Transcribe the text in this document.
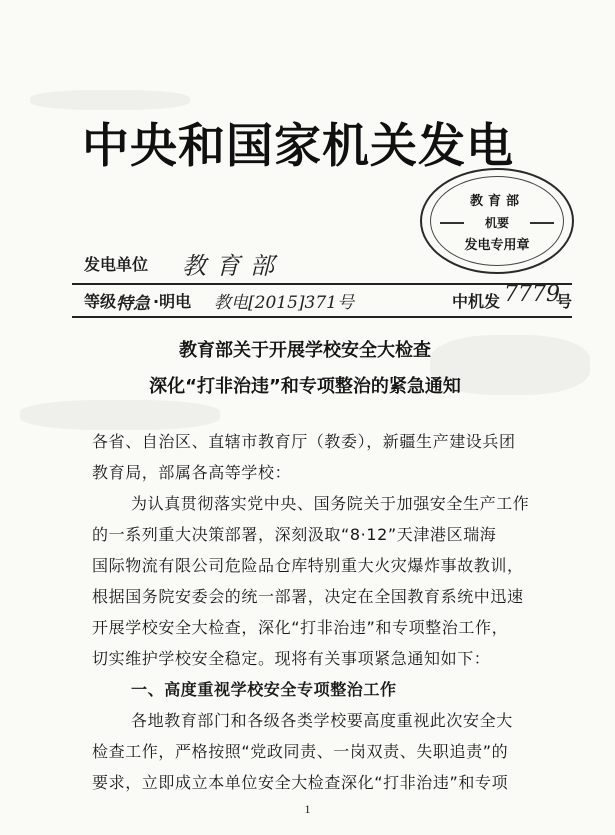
中央和国家机关发电
教育部
机要
发电专用章
发电单位 教育部
等级 特急 ·明电 教电[2015]371号	中机发 7779
号
教育部关于开展学校安全大检查
深化“打非治违”和专项整治的紧急通知
各省、自治区、直辖市教育厅（教委），新疆生产建设兵团
教育局，部属各高等学校：
为认真贯彻落实党中央、国务院关于加强安全生产工作
的一系列重大决策部署，深刻汲取“8·12”天津港区瑞海
国际物流有限公司危险品仓库特别重大火灾爆炸事故教训，
根据国务院安委会的统一部署，决定在全国教育系统中迅速
开展学校安全大检查，深化“打非治违”和专项整治工作，
切实维护学校安全稳定。现将有关事项紧急通知如下：
一、高度重视学校安全专项整治工作
各地教育部门和各级各类学校要高度重视此次安全大
检查工作，严格按照“党政同责、一岗双责、失职追责”的
要求，立即成立本单位安全大检查深化“打非治违”和专项
1
